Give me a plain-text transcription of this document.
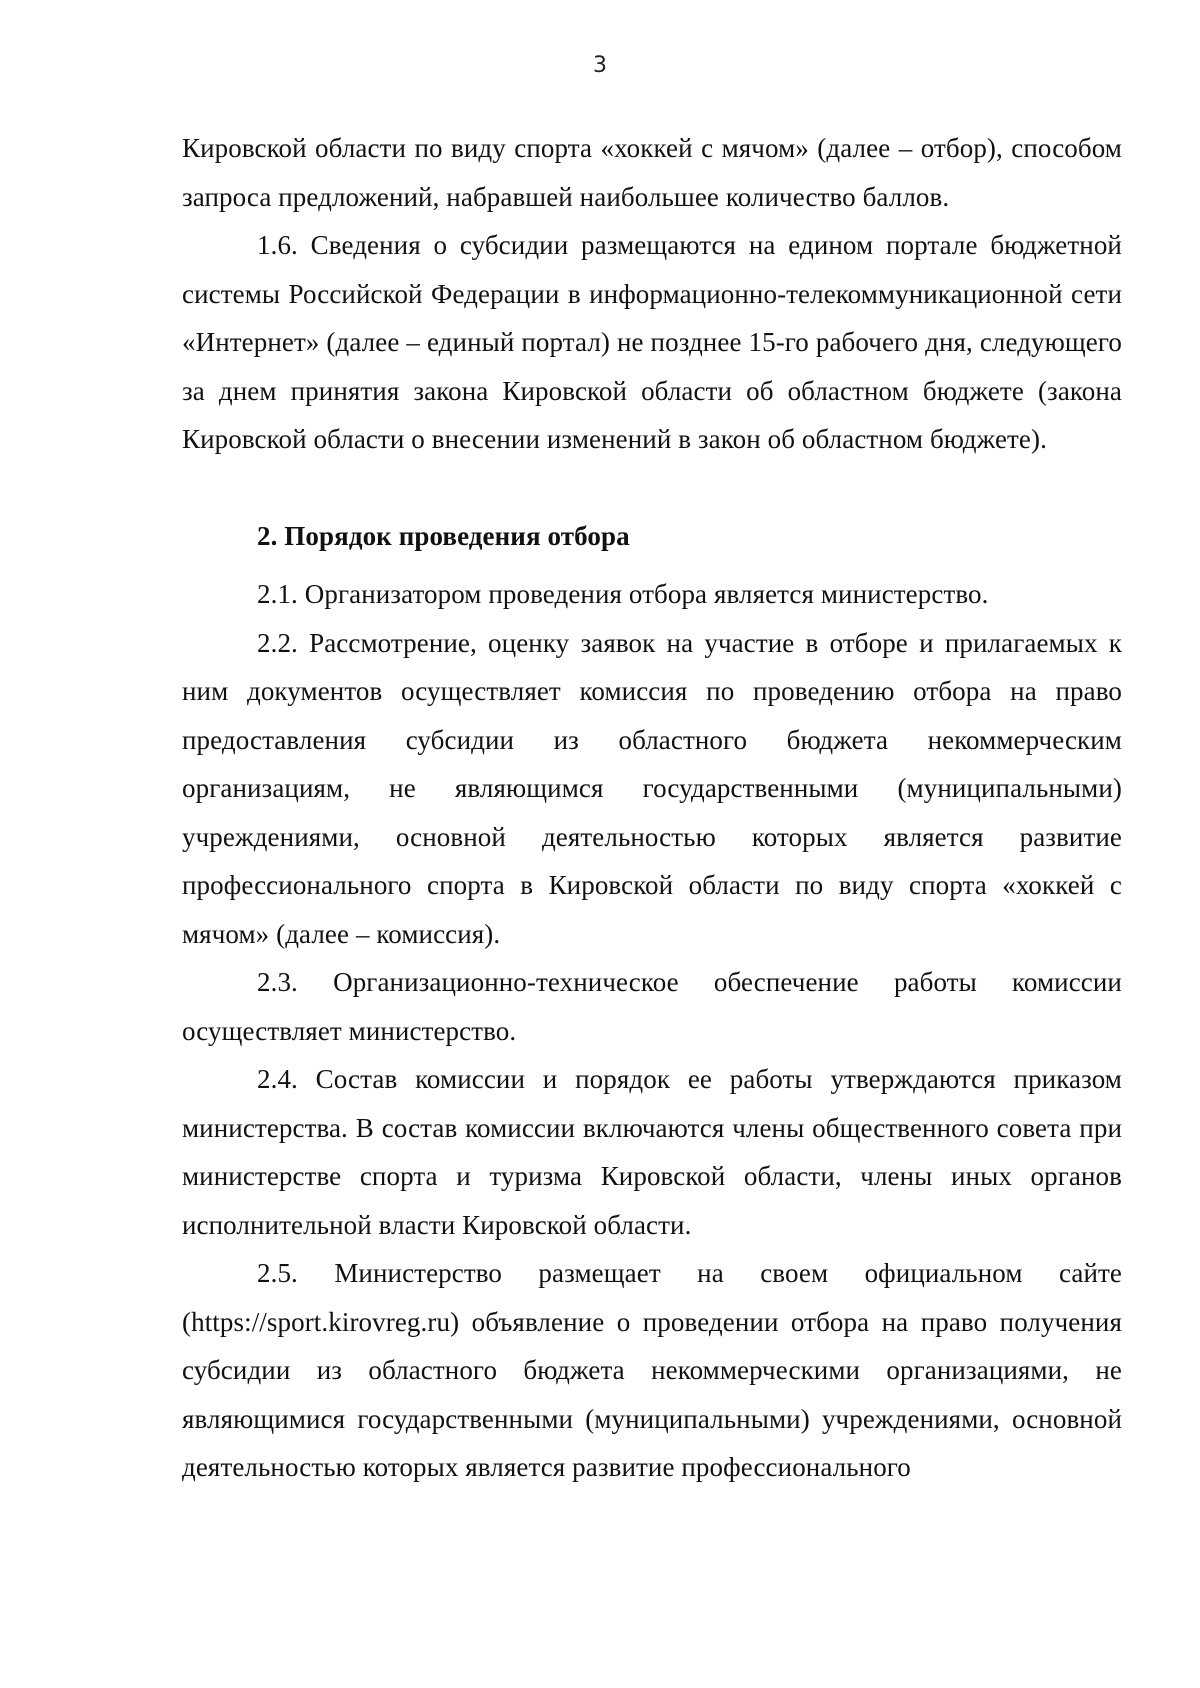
3

Кировской области по виду спорта «хоккей с мячом» (далее – отбор), способом запроса предложений, набравшей наибольшее количество баллов.

1.6. Сведения о субсидии размещаются на едином портале бюджетной системы Российской Федерации в информационно-телекоммуникационной сети «Интернет» (далее – единый портал) не позднее 15-го рабочего дня, следующего за днем принятия закона Кировской области об областном бюджете (закона Кировской области о внесении изменений в закон об областном бюджете).

2. Порядок проведения отбора

2.1. Организатором проведения отбора является министерство.

2.2. Рассмотрение, оценку заявок на участие в отборе и прилагаемых к ним документов осуществляет комиссия по проведению отбора на право предоставления субсидии из областного бюджета некоммерческим организациям, не являющимся государственными (муниципальными) учреждениями, основной деятельностью которых является развитие профессионального спорта в Кировской области по виду спорта «хоккей с мячом» (далее – комиссия).

2.3. Организационно-техническое обеспечение работы комиссии осуществляет министерство.

2.4. Состав комиссии и порядок ее работы утверждаются приказом министерства. В состав комиссии включаются члены общественного совета при министерстве спорта и туризма Кировской области, члены иных органов исполнительной власти Кировской области.

2.5. Министерство размещает на своем официальном сайте (https://sport.kirovreg.ru) объявление о проведении отбора на право получения субсидии из областного бюджета некоммерческими организациями, не являющимися государственными (муниципальными) учреждениями, основной деятельностью которых является развитие профессионального
